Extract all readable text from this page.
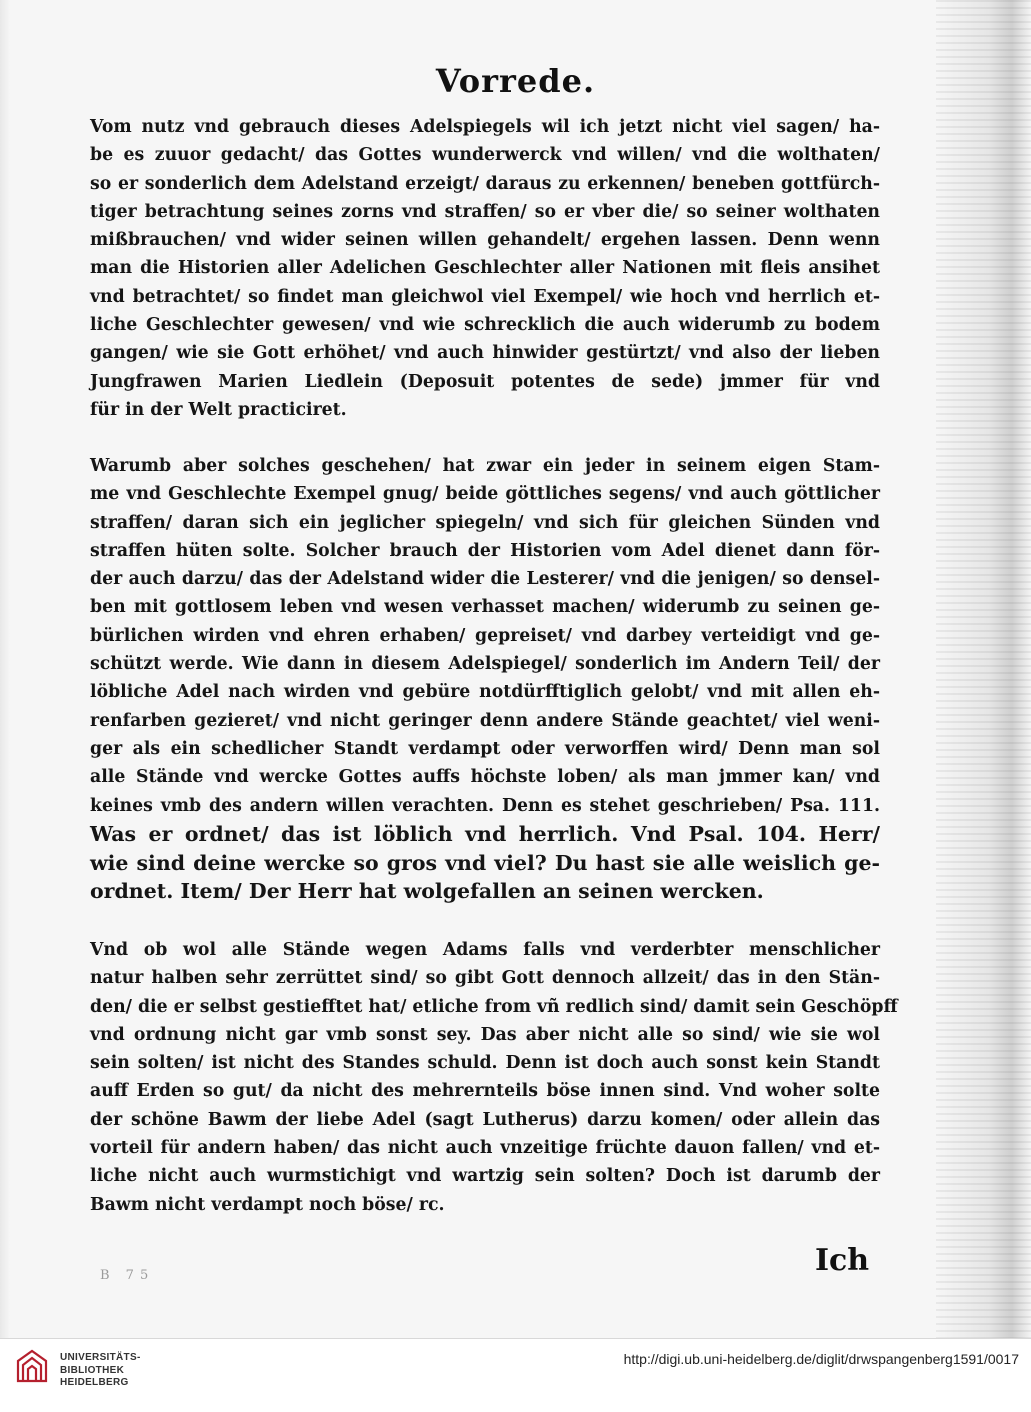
Vorrede.
Vom nutz vnd gebrauch dieses Adelspiegels wil ich jetzt nicht viel sagen/ ha-
be es zuuor gedacht/ das Gottes wunderwerck vnd willen/ vnd die wolthaten/
so er sonderlich dem Adelstand erzeigt/ daraus zu erkennen/ beneben gottfürch-
tiger betrachtung seines zorns vnd straffen/ so er vber die/ so seiner wolthaten
mißbrauchen/ vnd wider seinen willen gehandelt/ ergehen lassen. Denn wenn
man die Historien aller Adelichen Geschlechter aller Nationen mit fleis ansihet
vnd betrachtet/ so findet man gleichwol viel Exempel/ wie hoch vnd herrlich et-
liche Geschlechter gewesen/ vnd wie schrecklich die auch widerumb zu bodem
gangen/ wie sie Gott erhöhet/ vnd auch hinwider gestürtzt/ vnd also der lieben
Jungfrawen Marien Liedlein (Deposuit potentes de sede) jmmer für vnd
für in der Welt practiciret.
Warumb aber solches geschehen/ hat zwar ein jeder in seinem eigen Stam-
me vnd Geschlechte Exempel gnug/ beide göttliches segens/ vnd auch göttlicher
straffen/ daran sich ein jeglicher spiegeln/ vnd sich für gleichen Sünden vnd
straffen hüten solte. Solcher brauch der Historien vom Adel dienet dann för-
der auch darzu/ das der Adelstand wider die Lesterer/ vnd die jenigen/ so densel-
ben mit gottlosem leben vnd wesen verhasset machen/ widerumb zu seinen ge-
bürlichen wirden vnd ehren erhaben/ gepreiset/ vnd darbey verteidigt vnd ge-
schützt werde. Wie dann in diesem Adelspiegel/ sonderlich im Andern Teil/ der
löbliche Adel nach wirden vnd gebüre notdürfftiglich gelobt/ vnd mit allen eh-
renfarben gezieret/ vnd nicht geringer denn andere Stände geachtet/ viel weni-
ger als ein schedlicher Standt verdampt oder verworffen wird/ Denn man sol
alle Stände vnd wercke Gottes auffs höchste loben/ als man jmmer kan/ vnd
keines vmb des andern willen verachten. Denn es stehet geschrieben/ Psa. 111.
Was er ordnet/ das ist löblich vnd herrlich. Vnd Psal. 104. Herr/
wie sind deine wercke so gros vnd viel? Du hast sie alle weislich ge-
ordnet. Item/ Der Herr hat wolgefallen an seinen wercken.
Vnd ob wol alle Stände wegen Adams falls vnd verderbter menschlicher
natur halben sehr zerrüttet sind/ so gibt Gott dennoch allzeit/ das in den Stän-
den/ die er selbst gestiefftet hat/ etliche from vñ redlich sind/ damit sein Geschöpff
vnd ordnung nicht gar vmb sonst sey. Das aber nicht alle so sind/ wie sie wol
sein solten/ ist nicht des Standes schuld. Denn ist doch auch sonst kein Standt
auff Erden so gut/ da nicht des mehrernteils böse innen sind. Vnd woher solte
der schöne Bawm der liebe Adel (sagt Lutherus) darzu komen/ oder allein das
vorteil für andern haben/ das nicht auch vnzeitige früchte dauon fallen/ vnd et-
liche nicht auch wurmstichigt vnd wartzig sein solten? Doch ist darumb der
Bawm nicht verdampt noch böse/ rc.
Ich
B 75
UNIVERSITÄTS-
BIBLIOTHEK
HEIDELBERG
http://digi.ub.uni-heidelberg.de/diglit/drwspangenberg1591/0017
